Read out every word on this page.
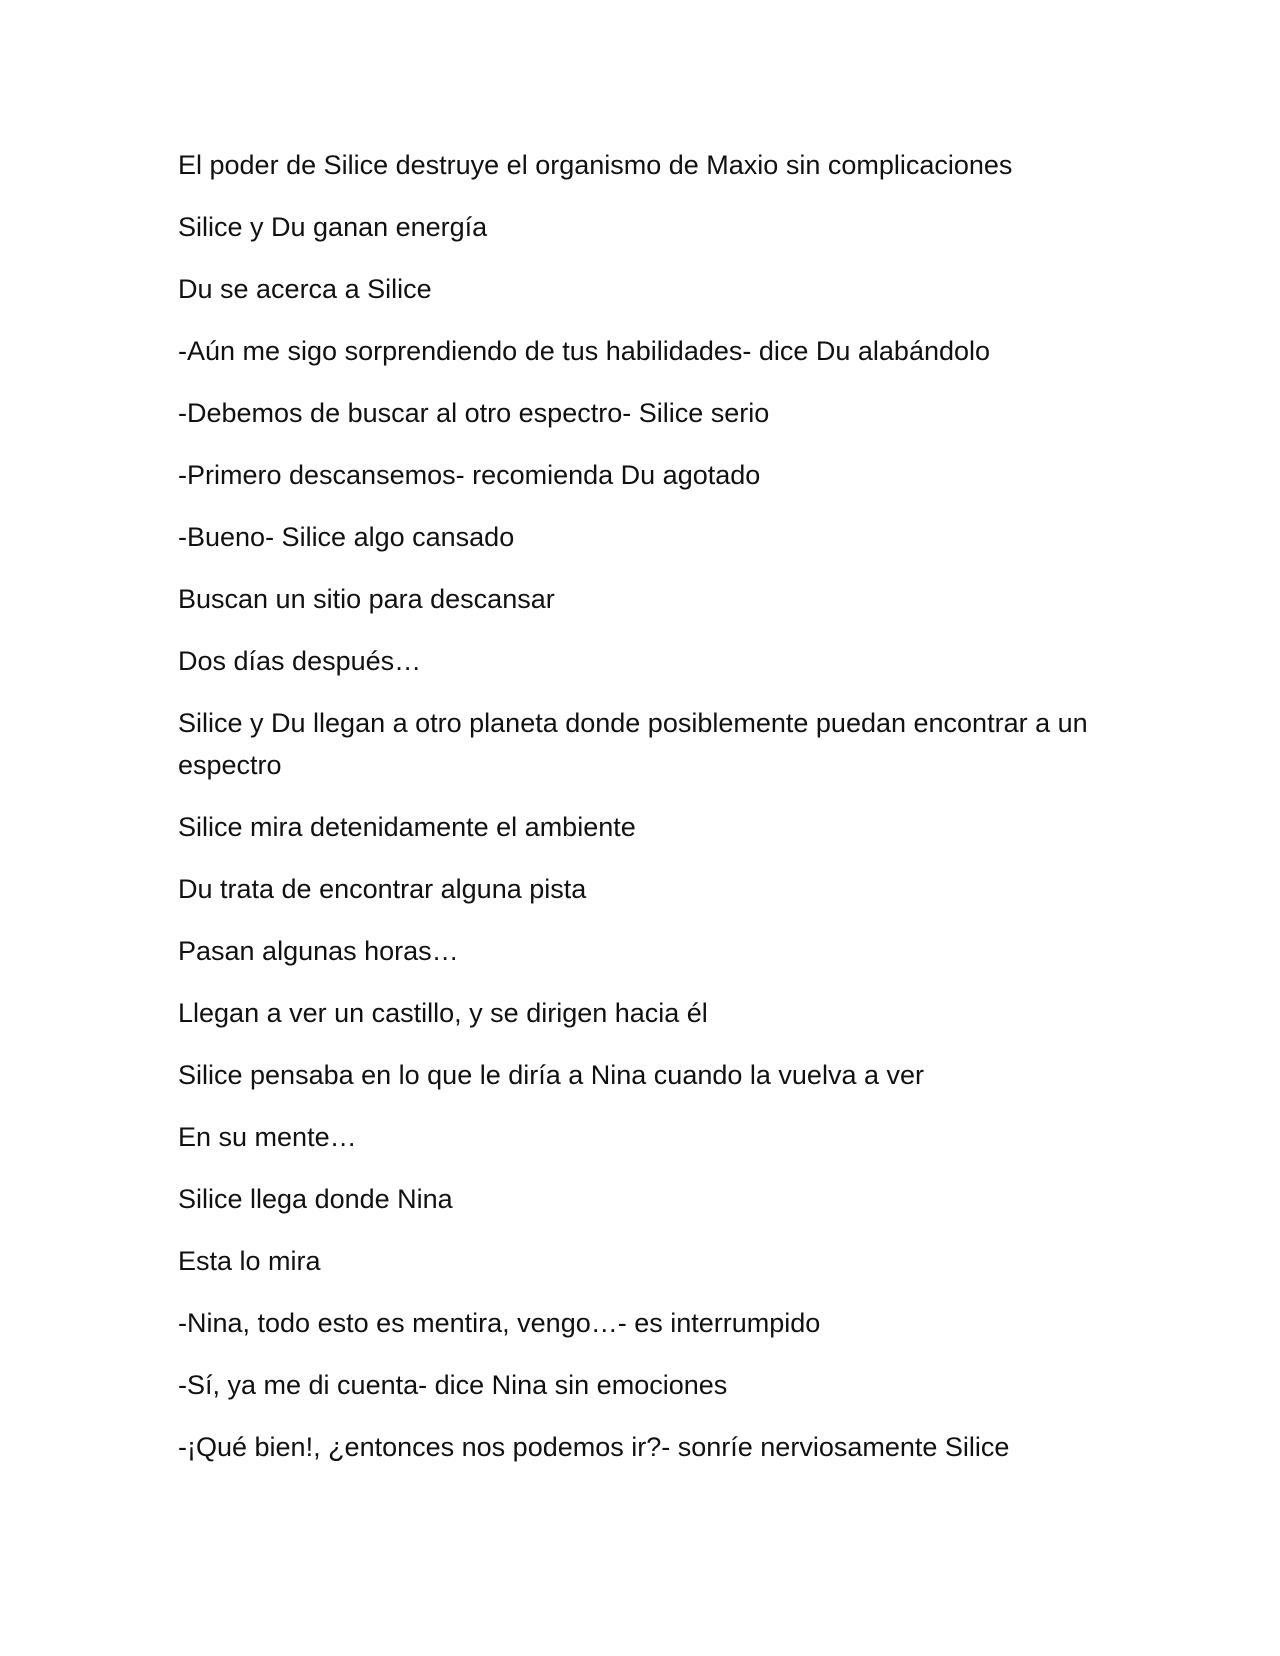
El poder de Silice destruye el organismo de Maxio sin complicaciones

Silice y Du ganan energía

Du se acerca a Silice

-Aún me sigo sorprendiendo de tus habilidades- dice Du alabándolo

-Debemos de buscar al otro espectro- Silice serio

-Primero descansemos- recomienda Du agotado

-Bueno- Silice algo cansado

Buscan un sitio para descansar

Dos días después…

Silice y Du llegan a otro planeta donde posiblemente puedan encontrar a un espectro

Silice mira detenidamente el ambiente

Du trata de encontrar alguna pista

Pasan algunas horas…

Llegan a ver un castillo, y se dirigen hacia él

Silice pensaba en lo que le diría a Nina cuando la vuelva a ver

En su mente…

Silice llega donde Nina

Esta lo mira

-Nina, todo esto es mentira, vengo…- es interrumpido

-Sí, ya me di cuenta- dice Nina sin emociones

-¡Qué bien!, ¿entonces nos podemos ir?- sonríe nerviosamente Silice
